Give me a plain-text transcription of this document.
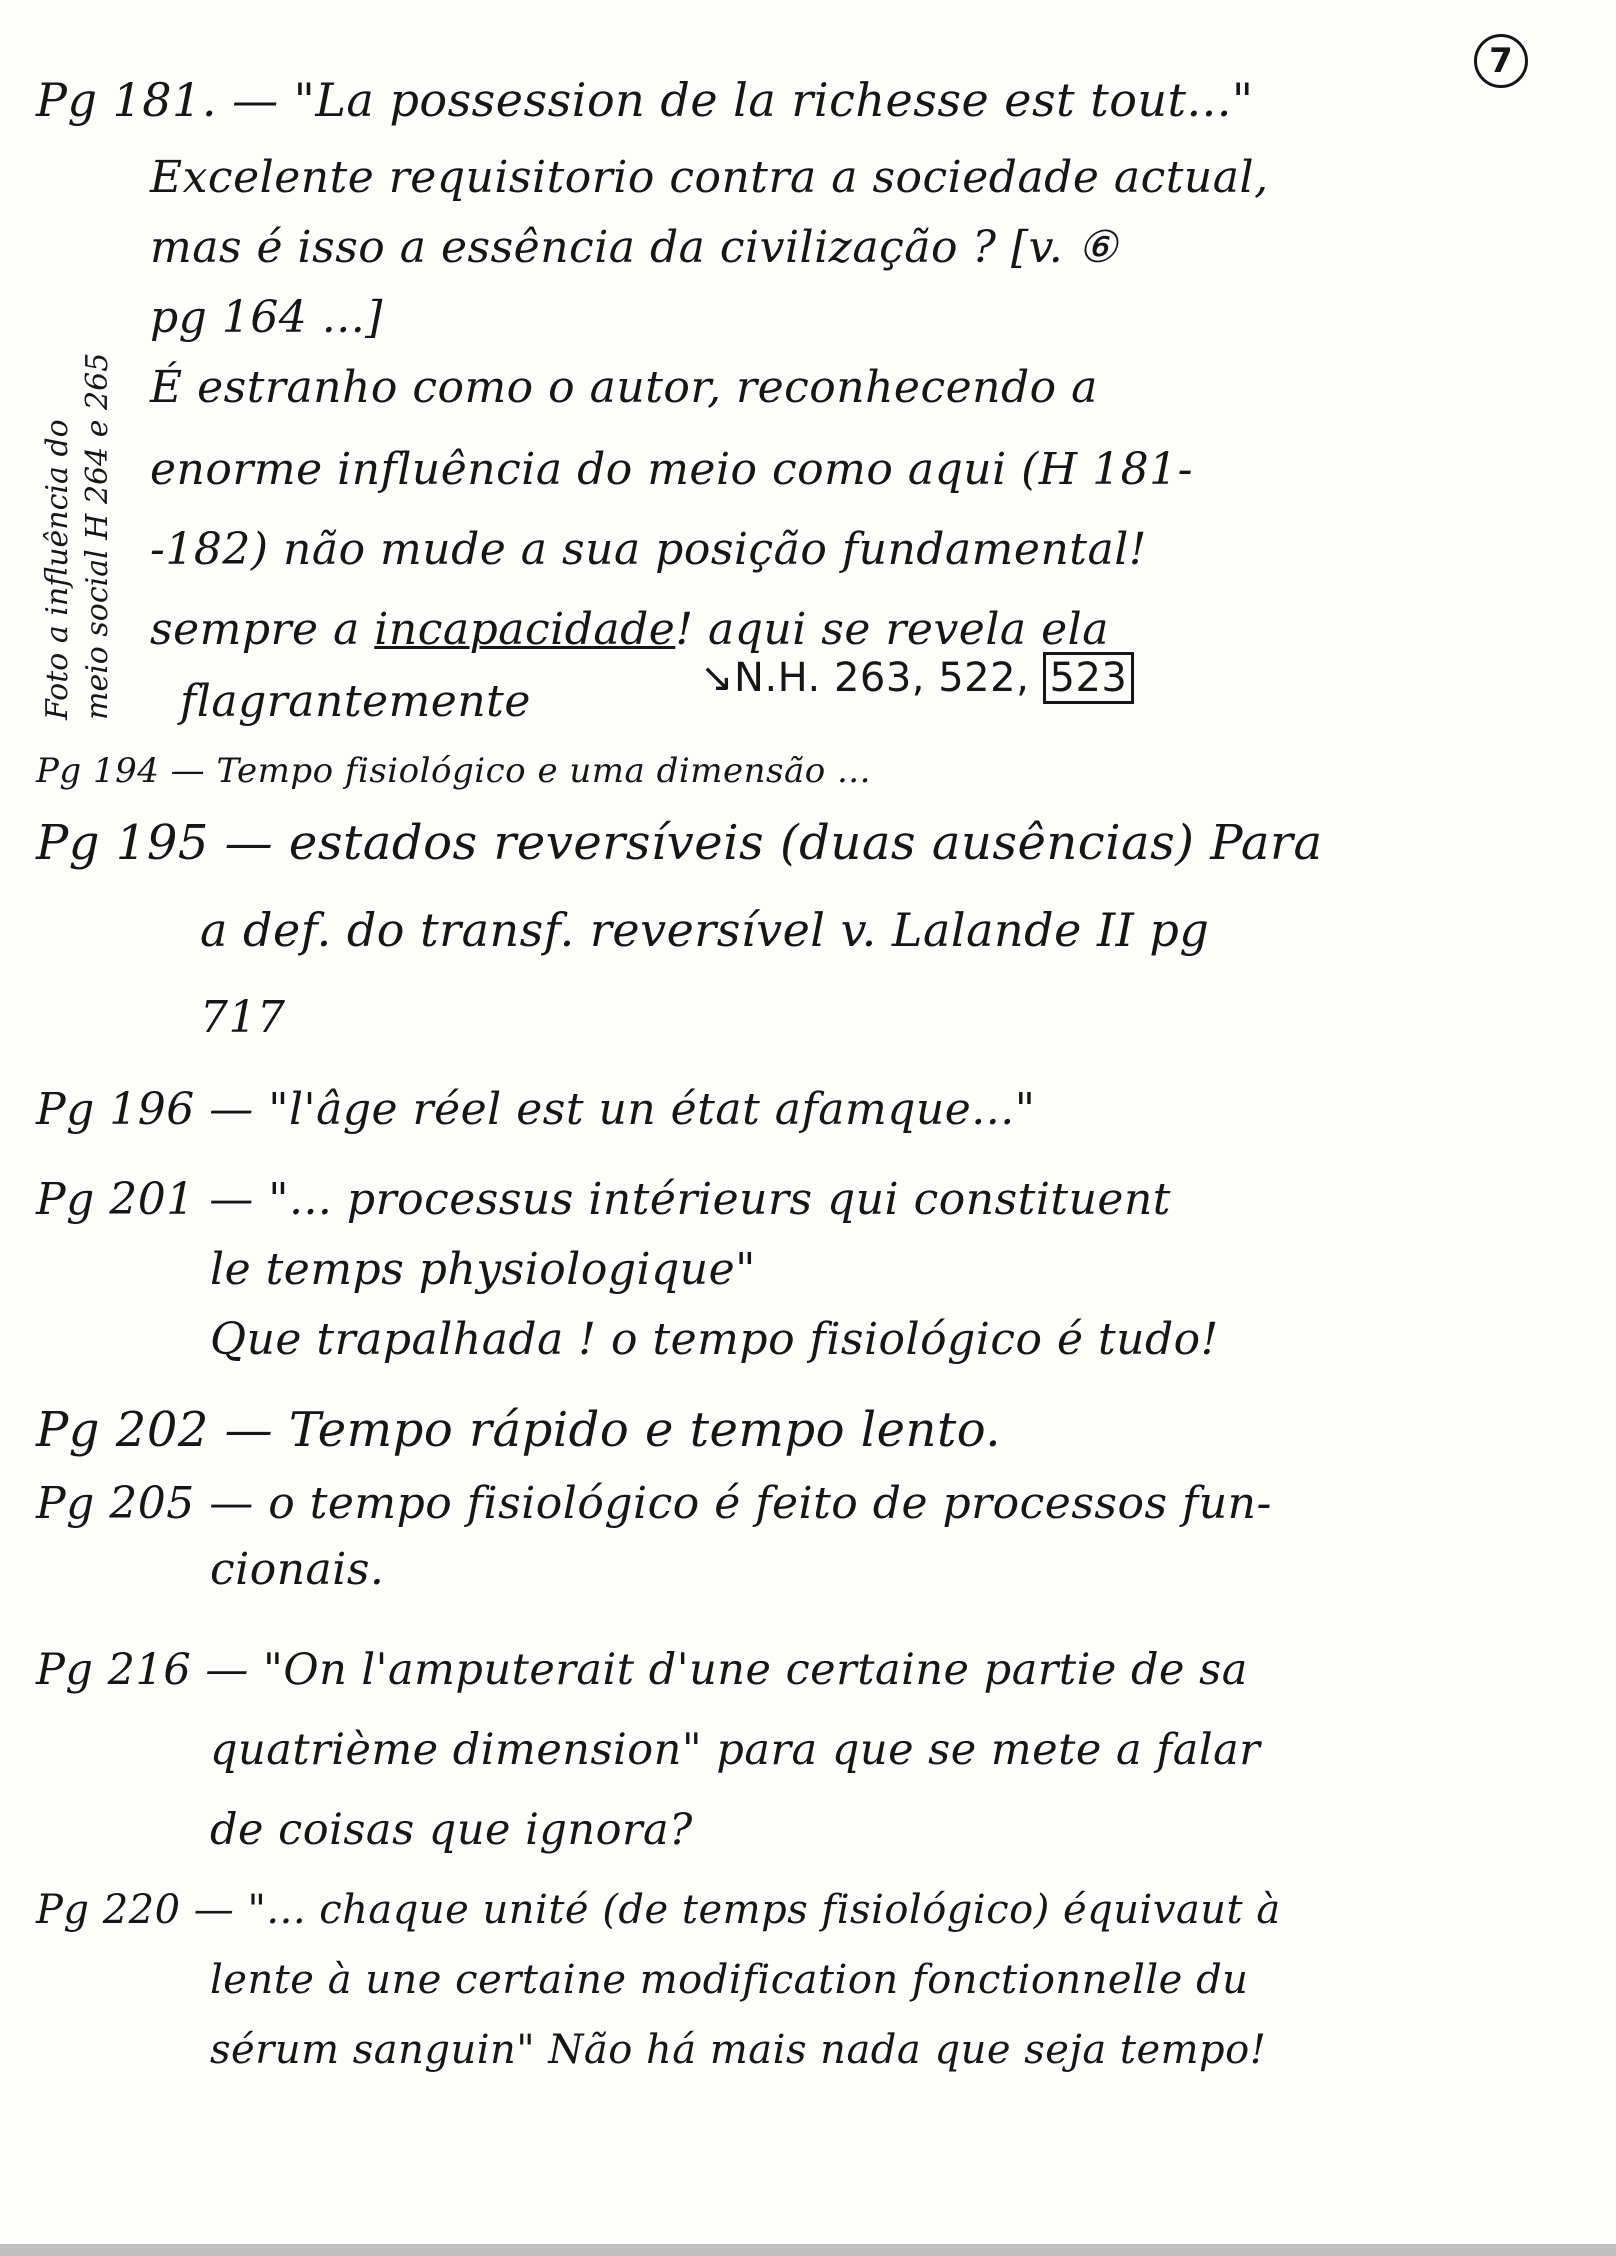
7
Foto a influência do meio social H 264 e 265
Pg 181. — "La possession de la richesse est tout..."
Excelente requisitorio contra a sociedade actual,
mas é isso a essência da civilização ? [v. ⑥
pg 164 ...]
É estranho como o autor, reconhecendo a
enorme influência do meio como aqui (H 181-
-182) não mude a sua posição fundamental!
sempre a incapacidade! aqui se revela ela
flagrantemente	↘N.H. 263, 522, 523
Pg 194 — Tempo fisiológico e uma dimensão ...
Pg 195 — estados reversíveis (duas ausências) Para
a def. do transf. reversível v. Lalande II pg
717
Pg 196 — "l'âge réel est un état afamque..."
Pg 201 — "... processus intérieurs qui constituent
le temps physiologique"
Que trapalhada ! o tempo fisiológico é tudo!
Pg 202 — Tempo rápido e tempo lento.
Pg 205 — o tempo fisiológico é feito de processos fun-
cionais.
Pg 216 — "On l'amputerait d'une certaine partie de sa
quatrième dimension" para que se mete a falar
de coisas que ignora?
Pg 220 — "... chaque unité (de temps fisiológico) équivaut à
lente à une certaine modification fonctionnelle du
sérum sanguin" Não há mais nada que seja tempo!
